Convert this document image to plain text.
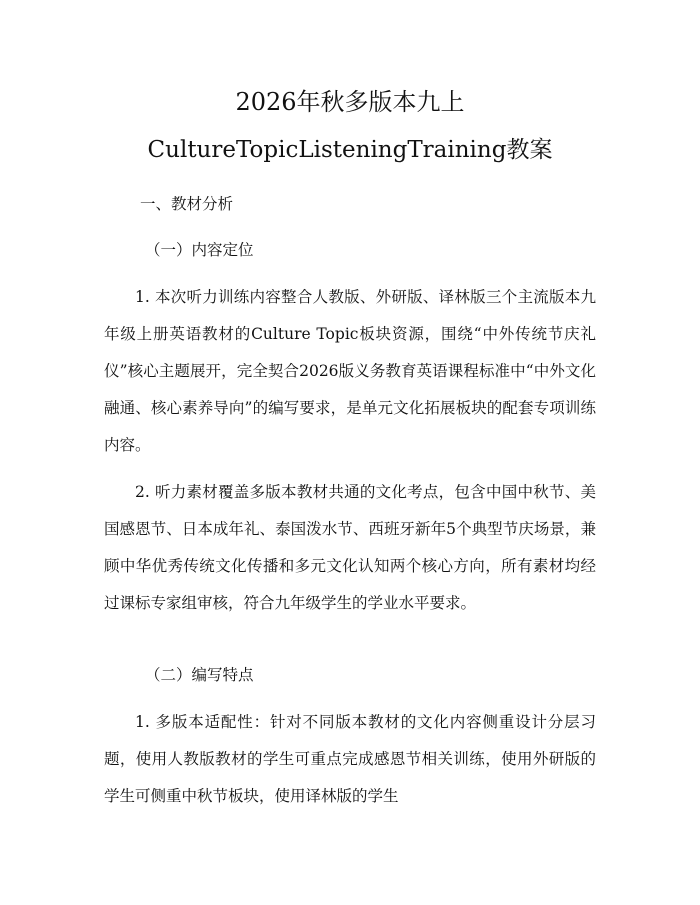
2026年秋多版本九上
CultureTopicListeningTraining教案
一、教材分析
（一）内容定位

1. 本次听力训练内容整合人教版、外研版、译林版三个主流版本九年级上册英语教材的Culture Topic板块资源，围绕“中外传统节庆礼仪”核心主题展开，完全契合2026版义务教育英语课程标准中“中外文化融通、核心素养导向”的编写要求，是单元文化拓展板块的配套专项训练内容。

2. 听力素材覆盖多版本教材共通的文化考点，包含中国中秋节、美国感恩节、日本成年礼、泰国泼水节、西班牙新年5个典型节庆场景，兼顾中华优秀传统文化传播和多元文化认知两个核心方向，所有素材均经过课标专家组审核，符合九年级学生的学业水平要求。

（二）编写特点

1. 多版本适配性：针对不同版本教材的文化内容侧重设计分层习题，使用人教版教材的学生可重点完成感恩节相关训练，使用外研版的学生可侧重中秋节板块，使用译林版的学生
